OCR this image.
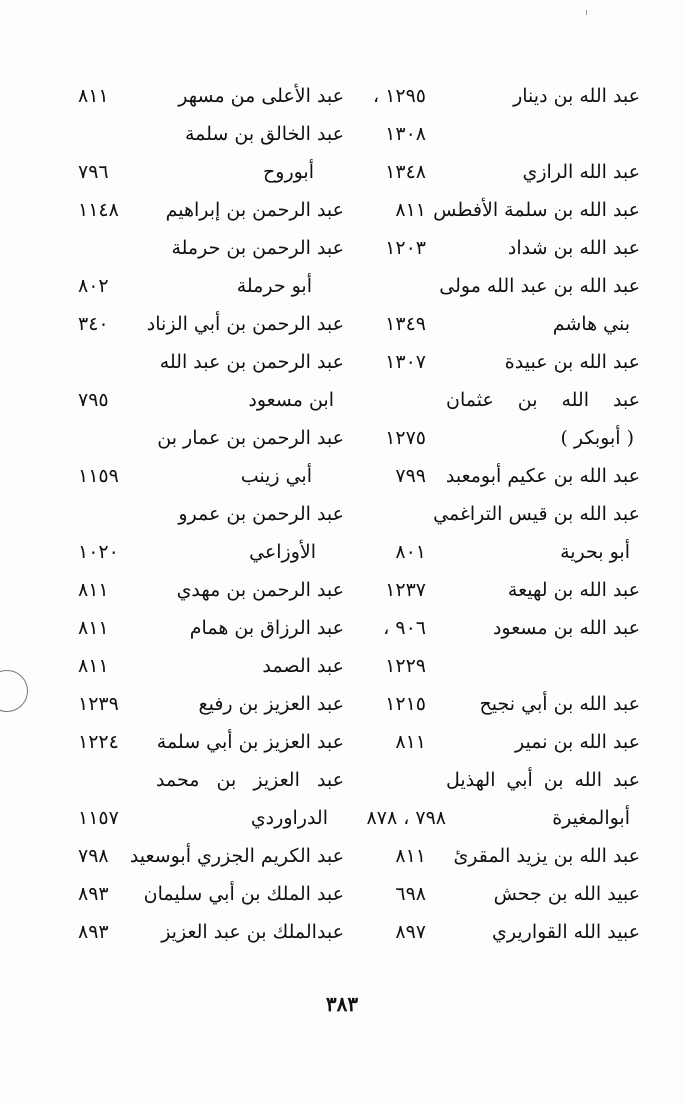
عبد الله بن دينار
١٢٩٥ ،
عبد الأعلى من مسهر
٨١١
١٣٠٨
عبد الخالق بن سلمة
عبد الله الرازي
١٣٤٨
أبوروح
٧٩٦
عبد الله بن سلمة الأفطس
٨١١
عبد الرحمن بن إبراهيم
١١٤٨
عبد الله بن شداد
١٢٠٣
عبد الرحمن بن حرملة
عبد الله بن عبد الله مولى
أبو حرملة
٨٠٢
بني هاشم
١٣٤٩
عبد الرحمن بن أبي الزناد
٣٤٠
عبد الله بن عبيدة
١٣٠٧
عبد الرحمن بن عبد الله
عبد الله بن عثمان
ابن مسعود
٧٩٥
( أبوبكر )
١٢٧٥
عبد الرحمن بن عمار بن
عبد الله بن عكيم أبومعبد
٧٩٩
أبي زينب
١١٥٩
عبد الله بن قيس التراغمي
عبد الرحمن بن عمرو
أبو بحرية
٨٠١
الأوزاعي
١٠٢٠
عبد الله بن لهيعة
١٢٣٧
عبد الرحمن بن مهدي
٨١١
عبد الله بن مسعود
٩٠٦ ،
عبد الرزاق بن همام
٨١١
١٢٢٩
عبد الصمد
٨١١
عبد الله بن أبي نجيح
١٢١٥
عبد العزيز بن رفيع
١٢٣٩
عبد الله بن نمير
٨١١
عبد العزيز بن أبي سلمة
١٢٢٤
عبد الله بن أبي الهذيل
عبد العزيز بن محمد
أبوالمغيرة
٧٩٨ ، ٨٧٨
الدراوردي
١١٥٧
عبد الله بن يزيد المقرئ
٨١١
عبد الكريم الجزري أبوسعيد
٧٩٨
عبيد الله بن جحش
٦٩٨
عبد الملك بن أبي سليمان
٨٩٣
عبيد الله القواريري
٨٩٧
عبدالملك بن عبد العزيز
٨٩٣
٣٨٣
